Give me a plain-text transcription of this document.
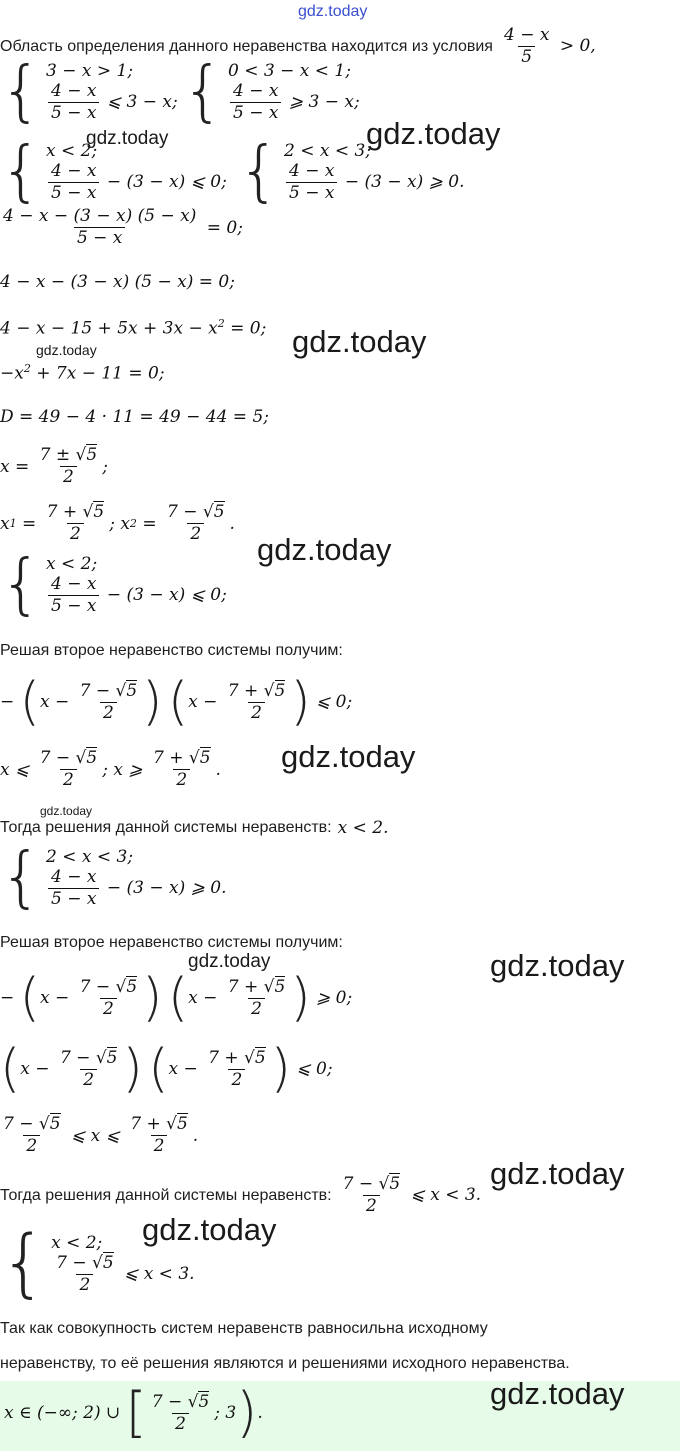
gdz.today
Область определения данного неравенства находится из условия $\frac{4 - x}{5} > 0$,
{ 3 − x > 1;
$\frac{4 - x}{5 - x}$ ⩽ 3 − x; { 0 < 3 − x < 1;
$\frac{4 - x}{5 - x}$ ⩾ 3 − x;
{ x < 2;
$\frac{4 - x}{5 - x} - (3 - x)$ ⩽ 0; { 2 < x < 3;
$\frac{4 - x}{5 - x} - (3 - x)$ ⩾ 0.
$\frac{4 - x - (3 - x) (5 - x)}{5 - x} = 0$;
4 − x − (3 − x) (5 − x) = 0;
$4 - x - 15 + 5x + 3x - x^2 = 0$;
$-x^2 + 7x - 11 = 0$;
D = 49 − 4 · 11 = 49 − 44 = 5;
$x = \frac{7 \pm √5}{2}$ ;
x $1 = \frac{7 + √5}{2}$ ; x $2 = \frac{7 - √5}{2}$ .
{ x < 2;
$\frac{4 - x}{5 - x} - (3 - x)$ ⩽ 0;
Решая второе неравенство системы получим:
− ( $x - \frac{7 - √5}{2}$ )
( $x - \frac{7 + √5}{2}$ ) ⩽ 0;
x ⩽ $\frac{7 - √5}{2}$ ; x ⩾ $\frac{7 + √5}{2}$ .
Тогда решения данной системы неравенств: x < 2.
{ 2 < x < 3;
$\frac{4 - x}{5 - x} - (3 - x)$ ⩾ 0.
Решая второе неравенство системы получим:
− ( $x - \frac{7 - √5}{2}$ )
( $x - \frac{7 + √5}{2}$ ) ⩾ 0;
( $x - \frac{7 - √5}{2}$ )
( $x - \frac{7 + √5}{2}$ ) ⩽ 0;
$\frac{7 - √5}{2}$ ⩽ x ⩽ $\frac{7 + √5}{2}$ .
Тогда решения данной системы неравенств: $\frac{7 - √5}{2}$ ⩽ x < 3.
{ x < 2;
$\frac{7 - √5}{2}$ ⩽ x < 3.
Так как совокупность систем неравенств равносильна исходному
неравенству, то её решения являются и решениями исходного неравенства.
x ∈ (−∞; 2) ∪ [ $\frac{7 - √5}{2}$ ; 3 ) .
gdz.today	gdz.today
gdz.today
gdz.today
gdz.today
gdz.today
gdz.today
gdz.today	gdz.today
gdz.today
gdz.today
gdz.today
